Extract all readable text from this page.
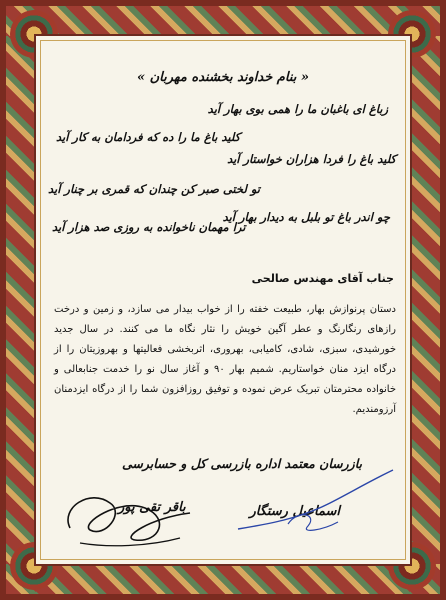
« بنام خداوند بخشنده مهربان »
زباغ ای باغبان ما را همی بوی بهار آید
کلید باغ ما را ده که فردامان به کار آید
کلید باغ را فردا هزاران خواستار آید
تو لختی صبر کن چندان که قمری بر چنار آید
چو اندر باغ تو بلبل به دیدار بهار آید
ترا مهمان ناخوانده به روزی صد هزار آید
جناب آقای مهندس صالحی
دستان پرنوازش بهار، طبیعت خفته را از خواب بیدار می سازد، و زمین و درخت رازهای رنگارنگ و عطر آگین خویش را نثار نگاه ما می کنند. در سال جدید خورشیدی، سبزی، شادی، کامیابی، بهروری، اثربخشی فعالیتها و بهروزیتان را از درگاه ایزد منان خواستاریم. شمیم بهار ۹۰ و آغاز سال نو را خدمت جنابعالی و خانواده محترمتان تبریک عرض نموده و توفیق روزافزون شما را از درگاه ایزدمنان آرزومندیم.
بازرسان معتمد اداره بازرسی کل و حسابرسی
اسماعیل رستگار
باقر تقی پور
